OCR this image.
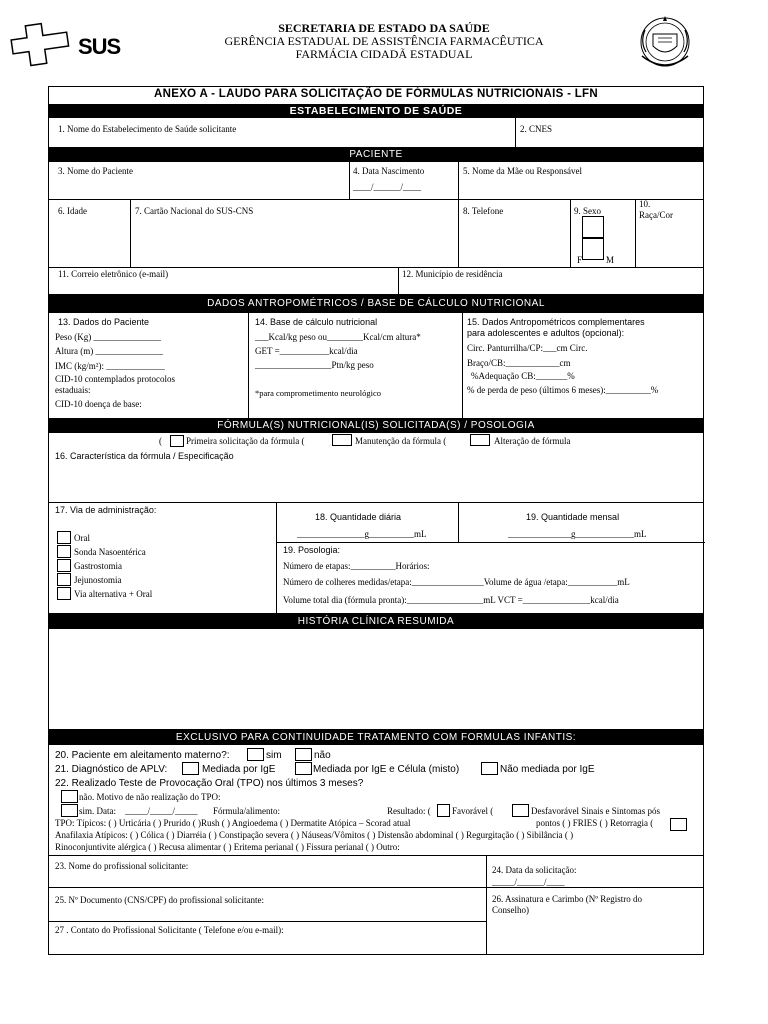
SUS
SECRETARIA DE ESTADO DA SAÚDE
GERÊNCIA ESTADUAL DE ASSISTÊNCIA FARMACÊUTICA
FARMÁCIA CIDADÃ ESTADUAL
ANEXO A - LAUDO PARA SOLICITAÇÃO DE FÓRMULAS NUTRICIONAIS - LFN
ESTABELECIMENTO DE SAÚDE
1. Nome do Estabelecimento de Saúde solicitante	2. CNES
PACIENTE
3. Nome do Paciente	4. Data Nascimento
____/______/____
5. Nome da Mãe ou Responsável
6. Idade	7. Cartão Nacional do SUS-CNS	8. Telefone	9. Sexo
F	M
10.
Raça/Cor
11. Correio eletrônico (e-mail)	12. Município de residência
DADOS ANTROPOMÉTRICOS / BASE DE CÁLCULO NUTRICIONAL
13. Dados do Paciente
Peso (Kg) _______________
Altura (m) _______________
IMC (kg/m²): _____________
CID-10 contemplados protocolos
estaduais:
CID-10 doença de base:
14. Base de cálculo nutricional
___Kcal/kg peso ou________Kcal/cm altura*
GET =___________kcal/dia
_________________Ptn/kg peso
*para comprometimento neurológico
15. Dados Antropométricos complementares
para adolescentes e adultos (opcional):
Circ. Panturrilha/CP:___cm Circ.
Braço/CB:____________cm
%Adequação CB:_______%
% de perda de peso (últimos 6 meses):__________%
FÓRMULA(S) NUTRICIONAL(IS) SOLICITADA(S) / POSOLOGIA
(	Primeira solicitação da fórmula (	Manutenção da fórmula (	Alteração de fórmula
16. Característica da fórmula / Especificação
17. Via de administração:
Oral
Sonda Nasoentérica
Gastrostomia
Jejunostomia
Via alternativa + Oral
18. Quantidade diária
_______________g__________mL
19. Quantidade mensal
______________g_____________mL
19. Posologia:
Número de etapas:__________Horários:
Número de colheres medidas/etapa:________________Volume de água /etapa:___________mL
Volume total dia (fórmula pronta):_________________mL VCT =_______________kcal/dia
HISTÓRIA CLÍNICA RESUMIDA
EXCLUSIVO PARA CONTINUIDADE TRATAMENTO COM FORMULAS INFANTIS:
20. Paciente em aleitamento materno?:	sim	não
21. Diagnóstico de APLV:	Mediada por IgE	Mediada por IgE e Célula (misto)	Não mediada por IgE
22. Realizado Teste de Provocação Oral (TPO) nos últimos 3 meses?
não. Motivo de não realização do TPO:
sim. Data: _____/_____/_____ Fórmula/alimento:	Resultado: ( Favorável (	Desfavorável Sinais e Sintomas pós
TPO: Típicos: ( ) Urticária ( ) Prurido ( )Rush ( ) Angioedema ( ) Dermatite Atópica – Scorad atual	pontos ( ) FRIES ( ) Retorragia (
Anafilaxia Atípicos: ( ) Cólica ( ) Diarréia ( ) Constipação severa ( ) Náuseas/Vômitos ( ) Distensão abdominal ( ) Regurgitação ( ) Sibilância ( )
Rinoconjuntivite alérgica ( ) Recusa alimentar ( ) Eritema perianal ( ) Fissura perianal ( ) Outro:
23. Nome do profissional solicitante:	24. Data da solicitação:
_____/______/____
25. Nº Documento (CNS/CPF) do profissional solicitante:	26. Assinatura e Carimbo (Nº Registro do
Conselho)
27 . Contato do Profissional Solicitante ( Telefone e/ou e-mail):
